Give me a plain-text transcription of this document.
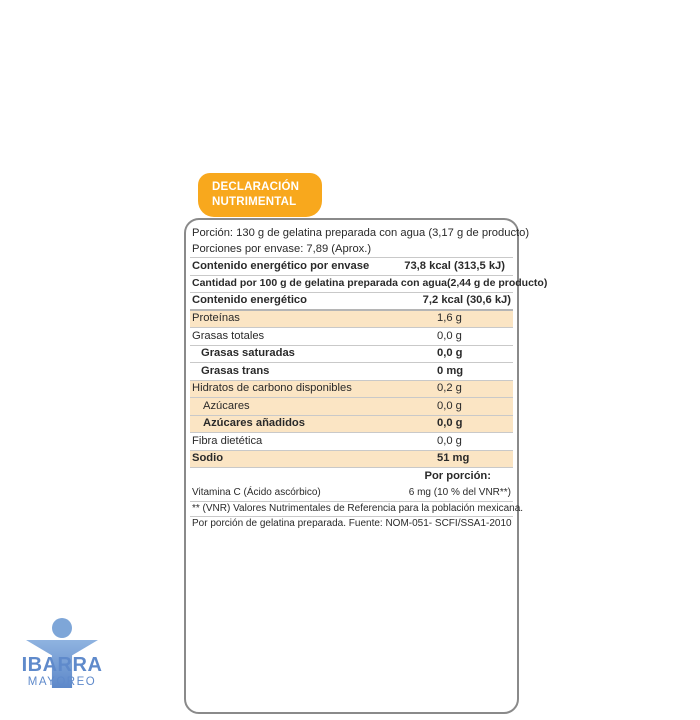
DECLARACIÓN
NUTRIMENTAL
Porción: 130 g de gelatina preparada con agua (3,17 g de producto)
Porciones por envase: 7,89 (Aprox.)
Contenido energético por envase	73,8 kcal (313,5 kJ)
Cantidad por 100 g de gelatina preparada con agua (2,44 g de producto)
Contenido energético	7,2 kcal (30,6 kJ)
Proteínas	1,6 g
Grasas totales	0,0 g
Grasas saturadas	0,0 g
Grasas trans	0 mg
Hidratos de carbono disponibles	0,2 g
Azúcares	0,0 g
Azúcares añadidos	0,0 g
Fibra dietética	0,0 g
Sodio	51 mg
Por porción:
Vitamina C (Ácido ascórbico)	6 mg (10 % del VNR**)
** (VNR) Valores Nutrimentales de Referencia para la población mexicana.
Por porción de gelatina preparada. Fuente: NOM-051- SCFI/SSA1-2010
IBARRA
MAYOREO
